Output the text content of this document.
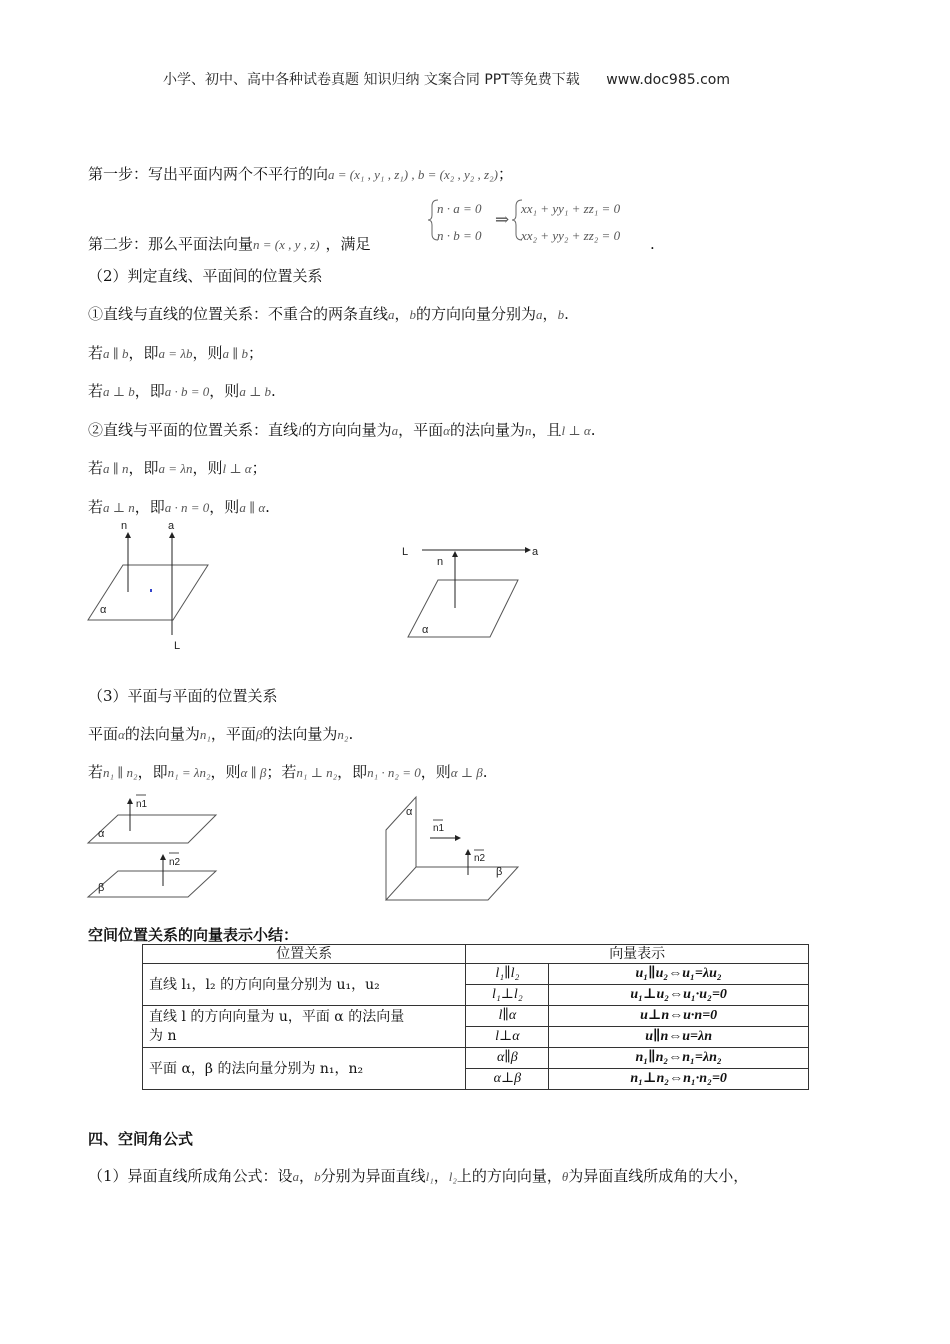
小学、初中、高中各种试卷真题 知识归纳 文案合同 PPT等免费下载 www.doc985.com
第一步：写出平面内两个不平行的向a = (x₁ , y₁ , z₁) , b = (x₂ , y₂ , z₂)；
第二步：那么平面法向量n = (x , y , z) ，满足
n · a = 0
n · b = 0
⇒
xx₁ + yy₁ + zz₁ = 0
xx₂ + yy₂ + zz₂ = 0 .
（2）判定直线、平面间的位置关系
①直线与直线的位置关系：不重合的两条直线a，b的方向向量分别为a，b.
若a ∥ b，即a = λb，则a ∥ b；
若a ⊥ b，即a · b = 0，则a ⊥ b.
②直线与平面的位置关系：直线l的方向向量为a，平面α的法向量为n，且l ⊥ α.
若a ∥ n，即a = λn，则l ⊥ α；
若a ⊥ n，即a · n = 0，则a ∥ α.
n	a
α
L
L	a
n
α
（3）平面与平面的位置关系
平面α的法向量为n₁，平面β的法向量为n₂.
若n₁ ∥ n₂，即n₁ = λn₂，则α ∥ β；若n₁ ⊥ n₂，即n₁ · n₂ = 0，则α ⊥ β.
n1
α
n2
β
α
n1
n2
β
空间位置关系的向量表示小结：
位置关系	向量表示	
直线 l₁，l₂ 的方向向量分别为 u₁，u₂	l₁∥l₂	u₁∥u₂⇔u₁=λu₂
	l₁⊥l₂	u₁⊥u₂⇔u₁·u₂=0

直线 l 的方向向量为 u，平面 α 的法向量
为 n	l∥α	u⊥n⇔u·n=0
	l⊥α	u∥n⇔u=λn
平面 α，β 的法向量分别为 n₁，n₂	α∥β	n₁∥n₂⇔n₁=λn₂
	α⊥β	n₁⊥n₂⇔n₁·n₂=0
四、空间角公式
（1）异面直线所成角公式：设a，b分别为异面直线l₁，l₂上的方向向量，θ为异面直线所成角的大小，
